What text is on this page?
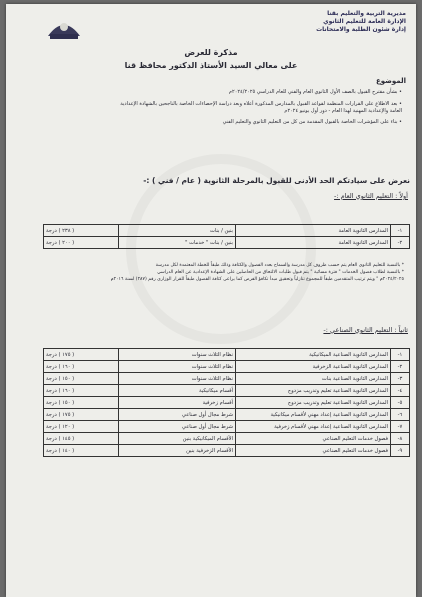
مديرية التربية والتعليم بقنا
الإدارة العامة للتعليم الثانوي
إدارة شئون الطلبة والامتحانات
مذكرة للعرض
على معالي السيد الأستاذ الدكتور محافظ قنا
الموضوع
• بشأن مقترح القبول بالصف الأول الثانوي العام والفني للعام الدراسي ٢٠٢٤/٢٠٢٥م
• بعد الاطلاع على القرارات المنظمة لقواعد القبول بالمدارس المذكورة أعلاه وبعد دراسة الإحصاءات الخاصة بالناجحين بالشهادة الإعدادية
العامة والإعدادية المهنية لهذا العام - دور أول يونيو ٢٠٢٤م
• بناء على المؤشرات الخاصة بالقبول المقدمة من كل من التعليم الثانوي والتعليم الفني
نعرض على سيادتكم الحد الأدنى للقبول بالمرحلة الثانوية ( عام / فني ) :-
أولاً : التعليم الثانوي العام :-
١-	المدارس الثانوية العامة	بنين / بنات	( ٢٣٨ ) درجة
٢-	المدارس الثانوية العامة	بنين / بنات " خدمات "	( ٢٠٠ ) درجة
* بالنسبة للتعليم الثانوي العام يتم حسب ظروف كل مدرسة والسماح بعدد الفصول والكثافة وذلك طبقاً للخطة المعتمدة لكل مدرسة
* بالنسبة لطلاب فصول الخدمات " فترة مسائية " يتم قبول طلبات الالتحاق من الحاصلين على الشهادة الإعدادية عن العام الدراسي
٢٠٢٤/٢٠٢٥م " ويتم ترتيب المتقدمين طبقاً للمجموع تنازلياً وتحقيق مبدأ تكافؤ الفرص كما يراعى كثافة الفصول طبقاً للقرار الوزاري رقم (٢٨٧) لسنة ٢٠١٦م
ثانياً : التعليم الثانوي الصناعي :-
١-	المدارس الثانوية الصناعية الميكانيكية	نظام الثلاث سنوات	( ١٧٥ ) درجة
٢-	المدارس الثانوية الصناعية الزخرفية	نظام الثلاث سنوات	( ١٦٠ ) درجة
٣-	المدارس الثانوية الصناعية بنات	نظام الثلاث سنوات	( ١٥٠ ) درجة
٤-	المدارس الثانوية الصناعية تعليم وتدريب مزدوج	أقسام ميكانيكية	( ١٦٠ ) درجة
٥-	المدارس الثانوية الصناعية تعليم وتدريب مزدوج	أقسام زخرفية	( ١٥٠ ) درجة
٦-	المدارس الثانوية الصناعية إعداد مهني لأقسام ميكانيكية	شرط مجال أول صناعي	( ١٧٥ ) درجة
٧-	المدارس الثانوية الصناعية إعداد مهني لأقسام زخرفية	شرط مجال أول صناعي	( ١٢٠ ) درجة
٨-	فصول خدمات التعليم الصناعي	الأقسام الميكانيكية بنين	( ١٤٥ ) درجة
٩-	فصول خدمات التعليم الصناعي	الأقسام الزخرفية بنين	( ١٤٠ ) درجة
